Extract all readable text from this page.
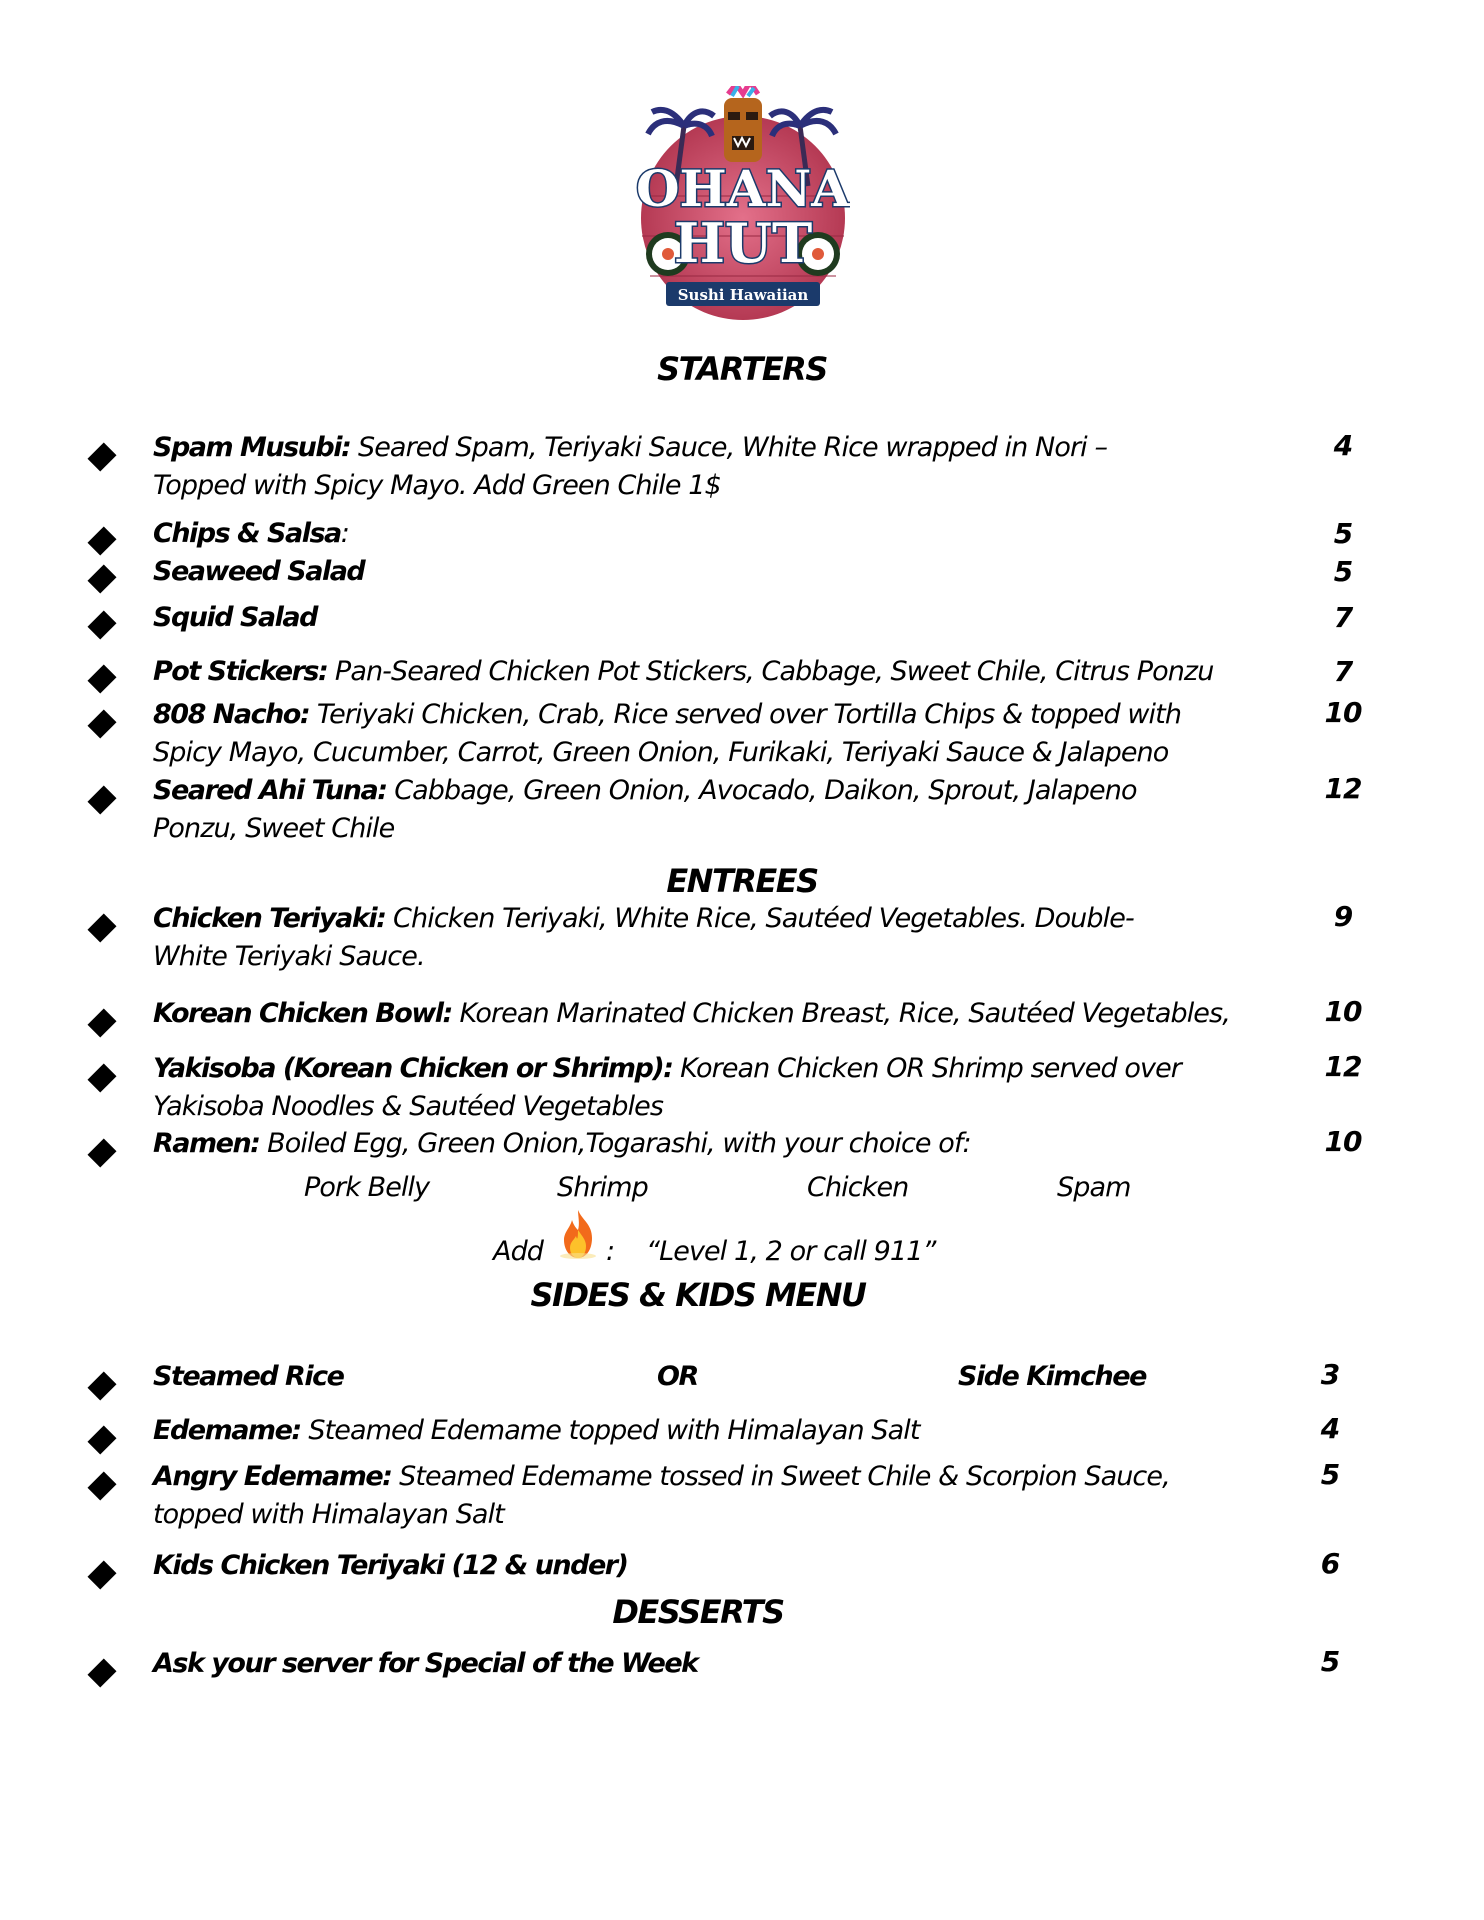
OHANA
HUT
Sushi Hawaiian
STARTERS
Spam Musubi: Seared Spam, Teriyaki Sauce, White Rice wrapped in Nori –
Topped with Spicy Mayo. Add Green Chile 1$
4
Chips & Salsa:	5
Seaweed Salad	5
Squid Salad	7
Pot Stickers: Pan-Seared Chicken Pot Stickers, Cabbage, Sweet Chile, Citrus Ponzu	7
808 Nacho: Teriyaki Chicken, Crab, Rice served over Tortilla Chips & topped with
Spicy Mayo, Cucumber, Carrot, Green Onion, Furikaki, Teriyaki Sauce & Jalapeno
10
Seared Ahi Tuna: Cabbage, Green Onion, Avocado, Daikon, Sprout, Jalapeno
Ponzu, Sweet Chile
12
ENTREES
Chicken Teriyaki: Chicken Teriyaki, White Rice, Sautéed Vegetables. Double-
White Teriyaki Sauce.
9
Korean Chicken Bowl: Korean Marinated Chicken Breast, Rice, Sautéed Vegetables,	10
Yakisoba (Korean Chicken or Shrimp): Korean Chicken OR Shrimp served over
Yakisoba Noodles & Sautéed Vegetables
12
Ramen: Boiled Egg, Green Onion,Togarashi, with your choice of:	10
Pork Belly	Shrimp	Chicken	Spam
Add : “Level 1, 2 or call 911”
SIDES & KIDS MENU
Steamed Rice	OR	Side Kimchee	3
Edemame: Steamed Edemame topped with Himalayan Salt	4
Angry Edemame: Steamed Edemame tossed in Sweet Chile & Scorpion Sauce,
topped with Himalayan Salt
5
Kids Chicken Teriyaki (12 & under)	6
DESSERTS
Ask your server for Special of the Week	5
